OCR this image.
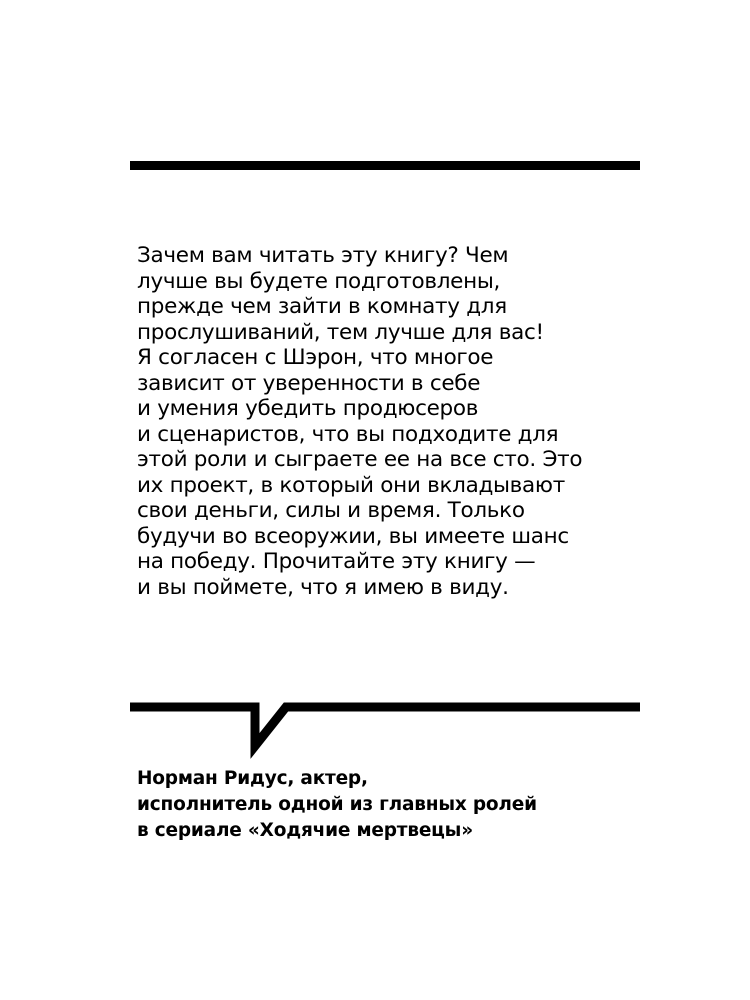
Зачем вам читать эту книгу? Чем
лучше вы будете подготовлены,
прежде чем зайти в комнату для
прослушиваний, тем лучше для вас!
Я согласен с Шэрон, что многое
зависит от уверенности в себе
и умения убедить продюсеров
и сценаристов, что вы подходите для
этой роли и сыграете ее на все сто. Это
их проект, в который они вкладывают
свои деньги, силы и время. Только
будучи во всеоружии, вы имеете шанс
на победу. Прочитайте эту книгу —
и вы поймете, что я имею в виду.
Норман Ридус, актер,
исполнитель одной из главных ролей
в сериале «Ходячие мертвецы»
